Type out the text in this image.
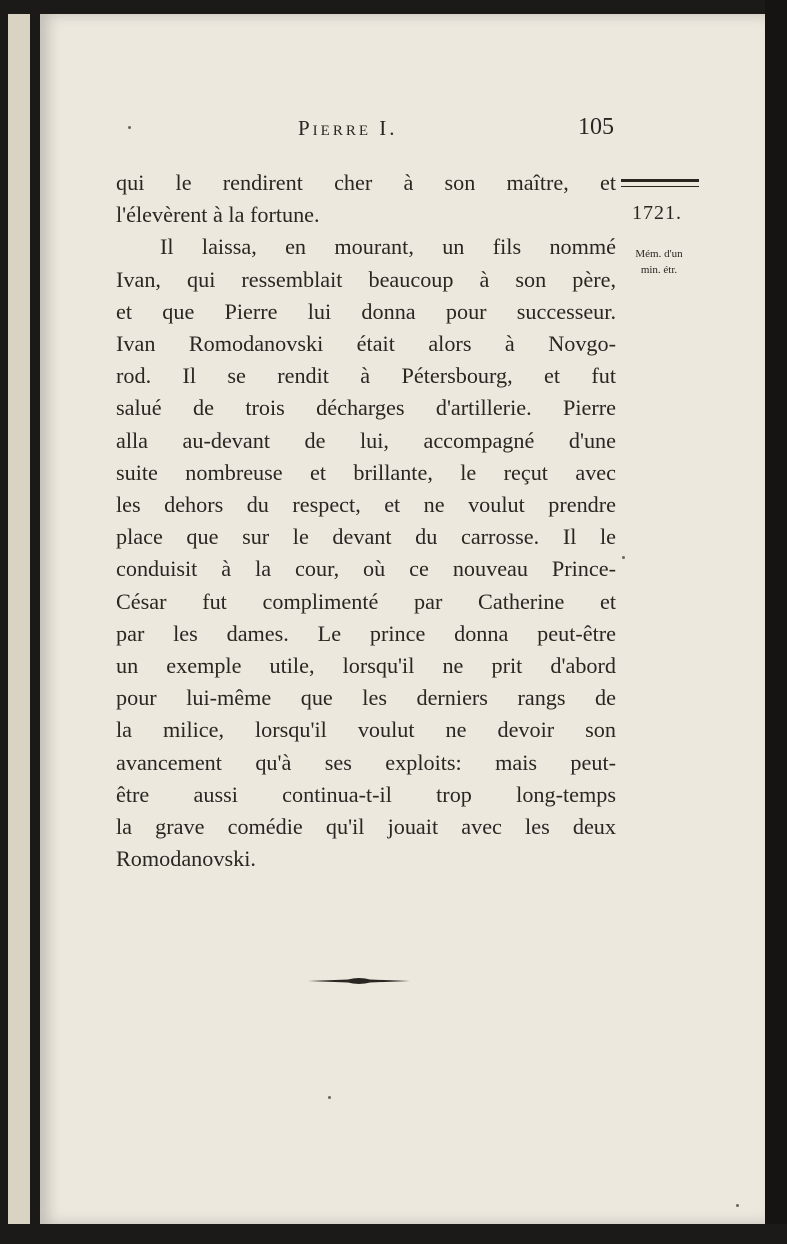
Pierre I.	105
1721.
Mém. d'un
min. étr.
qui le rendirent cher à son maître, et
l'élevèrent à la fortune.
Il laissa, en mourant, un fils nommé
Ivan, qui ressemblait beaucoup à son père,
et que Pierre lui donna pour successeur.
Ivan Romodanovski était alors à Novgo-
rod. Il se rendit à Pétersbourg, et fut
salué de trois décharges d'artillerie. Pierre
alla au-devant de lui, accompagné d'une
suite nombreuse et brillante, le reçut avec
les dehors du respect, et ne voulut prendre
place que sur le devant du carrosse. Il le
conduisit à la cour, où ce nouveau Prince-
César fut complimenté par Catherine et
par les dames. Le prince donna peut-être
un exemple utile, lorsqu'il ne prit d'abord
pour lui-même que les derniers rangs de
la milice, lorsqu'il voulut ne devoir son
avancement qu'à ses exploits: mais peut-
être aussi continua-t-il trop long-temps
la grave comédie qu'il jouait avec les deux
Romodanovski.
